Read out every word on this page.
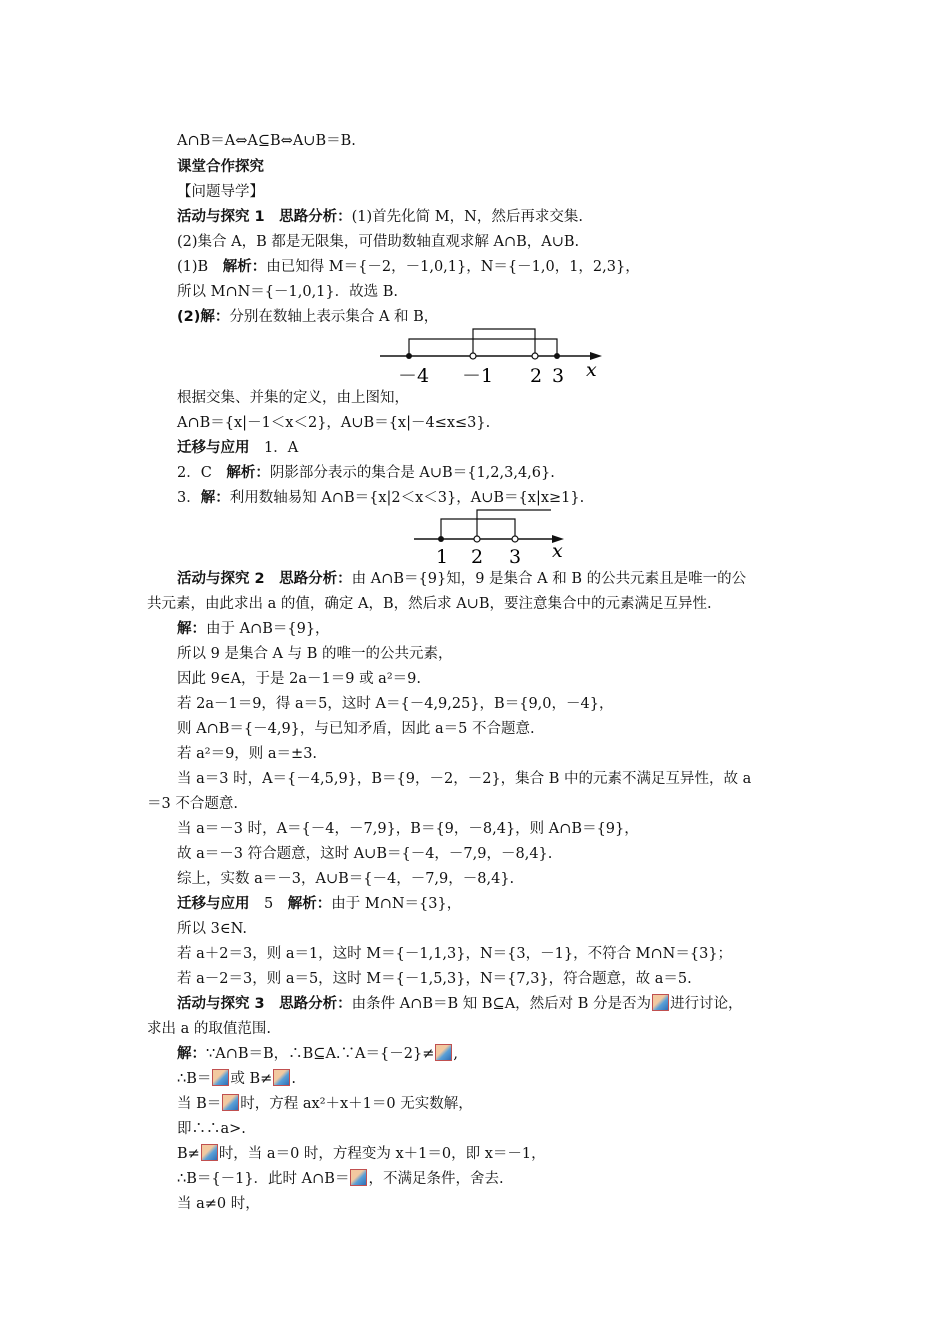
A∩B＝A⇔A⊆B⇔A∪B＝B.
课堂合作探究
【问题导学】
活动与探究 1　思路分析：(1)首先化简 M，N，然后再求交集.
(2)集合 A，B 都是无限集，可借助数轴直观求解 A∩B，A∪B.
(1)B　解析：由已知得 M＝{－2，－1,0,1}，N＝{－1,0，1，2,3}，
所以 M∩N＝{－1,0,1}．故选 B.
(2)解：分别在数轴上表示集合 A 和 B，
－4 －1 2 3 x
根据交集、并集的定义，由上图知，
A∩B＝{x|－1＜x＜2}，A∪B＝{x|－4≤x≤3}.
迁移与应用　1．A
2．C　解析：阴影部分表示的集合是 A∪B＝{1,2,3,4,6}.
3．解：利用数轴易知 A∩B＝{x|2＜x＜3}，A∪B＝{x|x≥1}.
1 2 3 x
活动与探究 2　思路分析：由 A∩B＝{9}知，9 是集合 A 和 B 的公共元素且是唯一的公
共元素，由此求出 a 的值，确定 A，B，然后求 A∪B，要注意集合中的元素满足互异性.
解：由于 A∩B＝{9}，
所以 9 是集合 A 与 B 的唯一的公共元素，
因此 9∈A，于是 2a－1＝9 或 a²＝9.
若 2a－1＝9，得 a＝5，这时 A＝{－4,9,25}，B＝{9,0，－4}，
则 A∩B＝{－4,9}，与已知矛盾，因此 a＝5 不合题意.
若 a²＝9，则 a＝±3.
当 a＝3 时，A＝{－4,5,9}，B＝{9，－2，－2}，集合 B 中的元素不满足互异性，故 a
＝3 不合题意.
当 a＝－3 时，A＝{－4，－7,9}，B＝{9，－8,4}，则 A∩B＝{9}，
故 a＝－3 符合题意，这时 A∪B＝{－4，－7,9，－8,4}.
综上，实数 a＝－3，A∪B＝{－4，－7,9，－8,4}.
迁移与应用　5　解析：由于 M∩N＝{3}，
所以 3∈N.
若 a＋2＝3，则 a＝1，这时 M＝{－1,1,3}，N＝{3，－1}，不符合 M∩N＝{3}；
若 a－2＝3，则 a＝5，这时 M＝{－1,5,3}，N＝{7,3}，符合题意，故 a＝5.
活动与探究 3　思路分析：由条件 A∩B＝B 知 B⊆A，然后对 B 分是否为 进行讨论，
求出 a 的取值范围.
解：∵A∩B＝B，∴B⊆A.∵A＝{－2}≠ ,
∴B＝ 或 B≠ .
当 B＝ 时，方程 ax²＋x＋1＝0 无实数解，
即∴∴a>.
B≠ 时，当 a＝0 时，方程变为 x＋1＝0，即 x＝－1，
∴B＝{－1}．此时 A∩B＝ ，不满足条件，舍去.
当 a≠0 时，
